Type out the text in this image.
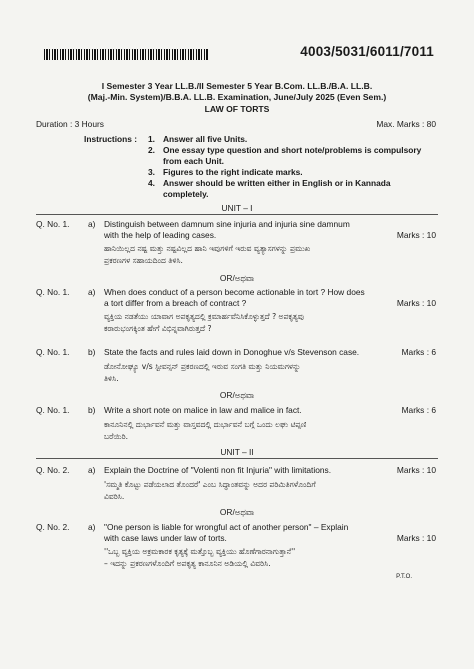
4003/5031/6011/7011
I Semester 3 Year LL.B./II Semester 5 Year B.Com. LL.B./B.A. LL.B.
(Maj.-Min. System)/B.B.A. LL.B. Examination, June/July 2025 (Even Sem.)
LAW OF TORTS
Duration : 3 Hours	Max. Marks : 80
Instructions : 1. Answer all five Units.
2. One essay type question and short note/problems is compulsory
from each Unit.
3. Figures to the right indicate marks.
4. Answer should be written either in English or in Kannada
completely.
UNIT – I
Q. No. 1. a) Distinguish between damnum sine injuria and injuria sine damnum
with the help of leading cases.	Marks : 10
ಹಾನಿಯಿಲ್ಲದ ನಷ್ಟ ಮತ್ತು ನಷ್ಟವಿಲ್ಲದ ಹಾನಿ ಇವುಗಳಿಗೆ ಇರುವ ವ್ಯತ್ಯಾಸಗಳನ್ನು ಪ್ರಮುಖ
ಪ್ರಕರಣಗಳ ಸಹಾಯದಿಂದ ತಿಳಿಸಿ.
OR/ಅಥವಾ
Q. No. 1. a) When does conduct of a person become actionable in tort ? How does
a tort differ from a breach of contract ?	Marks : 10
ವ್ಯಕ್ತಿಯ ನಡತೆಯು ಯಾವಾಗ ಅಪಕೃತ್ಯದಲ್ಲಿ ಕ್ರಮಾರ್ಹವೆನಿಸಿಕೊಳ್ಳುತ್ತದೆ ? ಅಪಕೃತ್ಯವು
ಕರಾರುಭಂಗಕ್ಕಿಂತ ಹೇಗೆ ವಿಭಿನ್ನವಾಗಿರುತ್ತದೆ ?
Q. No. 1. b) State the facts and rules laid down in Donoghue v/s Stevenson case.	Marks : 6
ಡೋನೋಘ್ಯೂ v/s ಸ್ಟೀವನ್ಸನ್ ಪ್ರಕರಣದಲ್ಲಿ ಇರುವ ಸಂಗತಿ ಮತ್ತು ನಿಯಮಗಳನ್ನು
ತಿಳಿಸಿ.
OR/ಅಥವಾ
Q. No. 1. b) Write a short note on malice in law and malice in fact.	Marks : 6
ಕಾನೂನಿನಲ್ಲಿ ದುರ್ಭಾವನೆ ಮತ್ತು ವಾಸ್ತವದಲ್ಲಿ ದುರ್ಭಾವನೆ ಬಗ್ಗೆ ಒಂದು ಲಘು ಟಿಪ್ಪಣಿ
ಬರೆಯಿರಿ.
UNIT – II
Q. No. 2. a) Explain the Doctrine of "Volenti non fit Injuria" with limitations.	Marks : 10
'ಸಮ್ಮತಿ ಕೊಟ್ಟು ಪಡೆಯಲಾದ ತೊಂದರೆ' ಎಂಬ ಸಿದ್ಧಾಂತವನ್ನು ಅದರ ಪರಿಮಿತಿಗಳೊಂದಿಗೆ
ವಿವರಿಸಿ.
OR/ಅಥವಾ
Q. No. 2. a) "One person is liable for wrongful act of another person" – Explain
with case laws under law of torts.	Marks : 10
''ಒಬ್ಬ ವ್ಯಕ್ತಿಯ ಅಕ್ರಮಕಾರಕ ಕೃತ್ಯಕ್ಕೆ ಮತ್ತೊಬ್ಬ ವ್ಯಕ್ತಿಯು ಹೊಣೆಗಾರನಾಗುತ್ತಾನೆ''
– ಇದನ್ನು ಪ್ರಕರಣಗಳೊಂದಿಗೆ ಅಪಕೃತ್ಯ ಕಾನೂನಿನ ಅಡಿಯಲ್ಲಿ ವಿವರಿಸಿ.
P.T.O.
